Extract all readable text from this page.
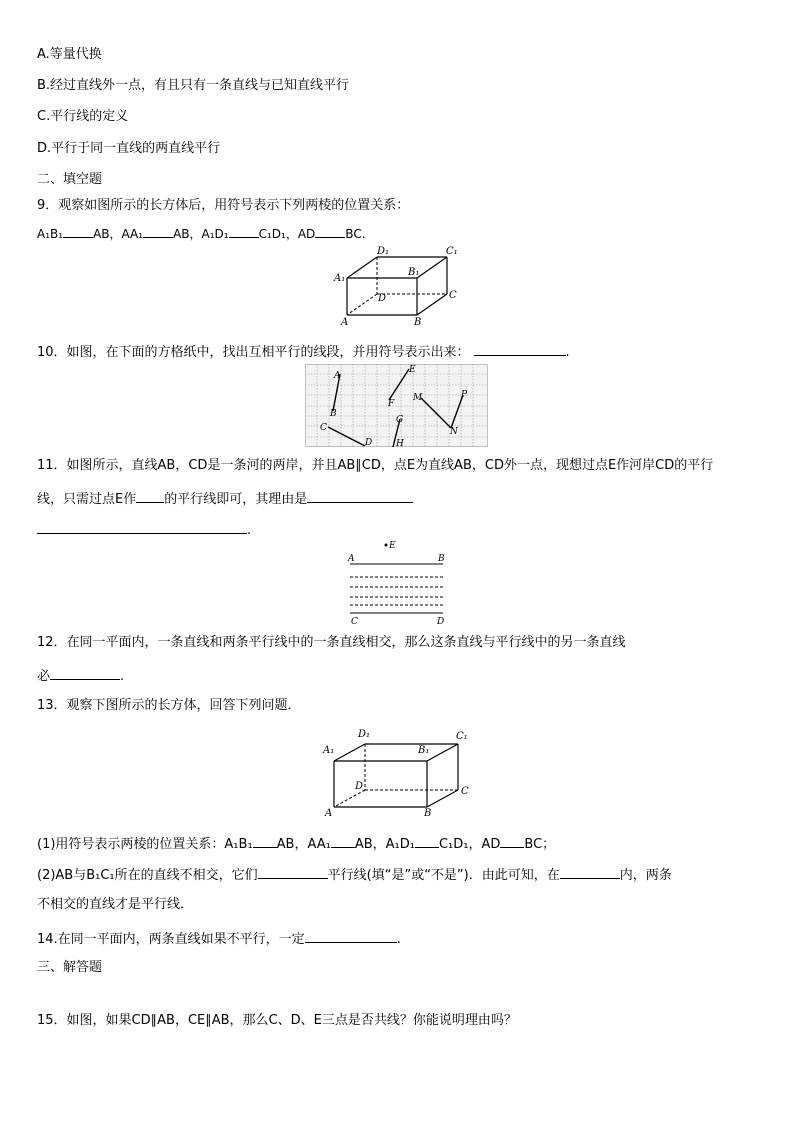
A.等量代换
B.经过直线外一点，有且只有一条直线与已知直线平行
C.平行线的定义
D.平行于同一直线的两直线平行
二、填空题
9．观察如图所示的长方体后，用符号表示下列两棱的位置关系：
A₁B₁	AB，AA₁	AB，A₁D₁	C₁D₁，AD	BC.
D₁	C₁
A₁
B₁
D	C
A	B
10．如图，在下面的方格纸中，找出互相平行的线段，并用符号表示出来：	.
A
B
C
D
E
F
G
H
M
N
P
11．如图所示，直线AB，CD是一条河的两岸，并且AB∥CD，点E为直线AB，CD外一点，现想过点E作河岸CD的平行
线，只需过点E作 的平行线即可，其理由是
.
E
A	B
C	D
12．在同一平面内，一条直线和两条平行线中的一条直线相交，那么这条直线与平行线中的另一条直线
必	.
13．观察下图所示的长方体，回答下列问题．
D₁	C₁
A₁	B₁
D	C
A	B
(1)用符号表示两棱的位置关系：A₁B₁ AB，AA₁ AB，A₁D₁ C₁D₁，AD BC；
(2)AB与B₁C₁所在的直线不相交，它们	平行线(填“是”或“不是”)．由此可知，在	内，两条
不相交的直线才是平行线．
14.在同一平面内，两条直线如果不平行，一定	.
三、解答题
15．如图，如果CD∥AB，CE∥AB，那么C、D、E三点是否共线？你能说明理由吗？
